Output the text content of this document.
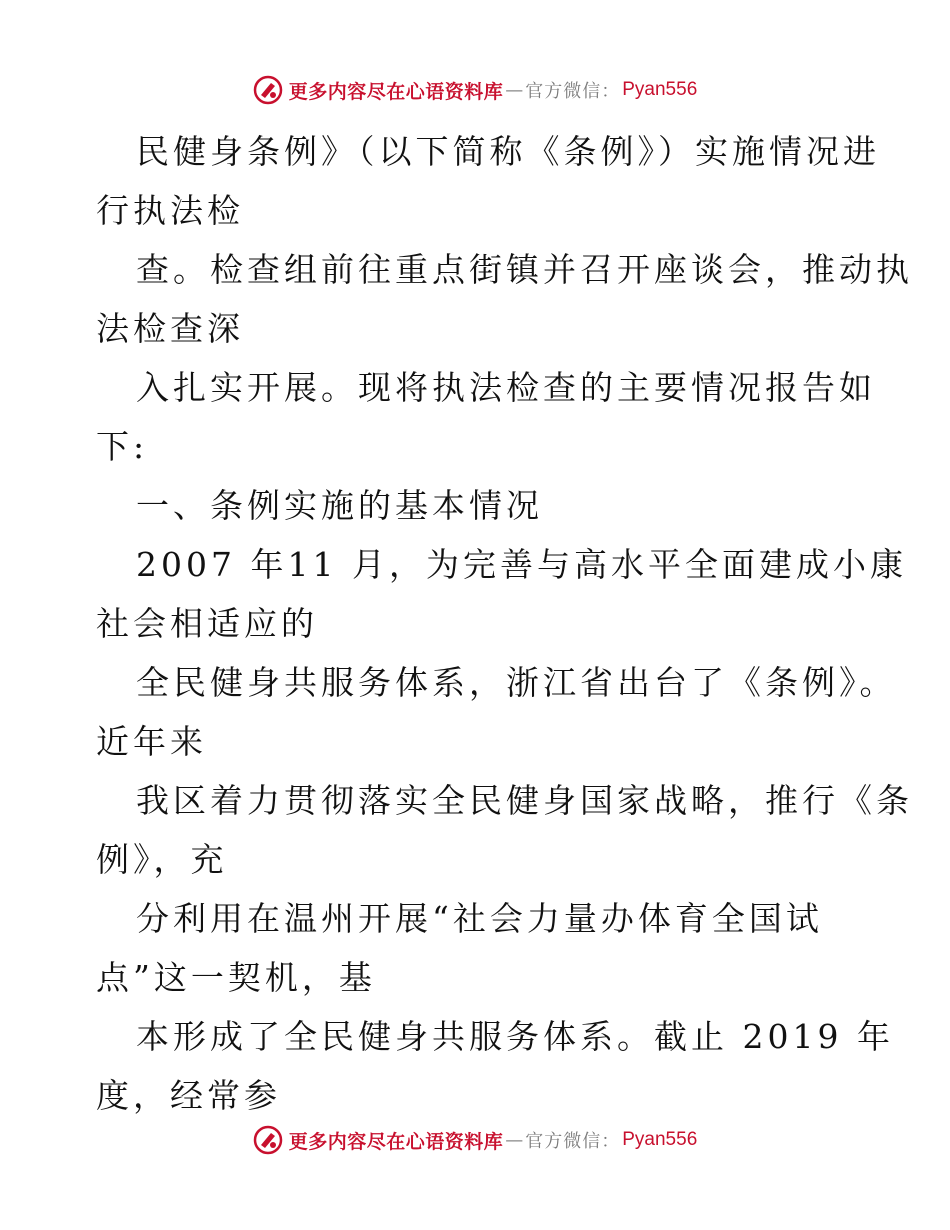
更多内容尽在心语资料库 — 官方微信： Pyan556
民健身条例》（以下简称《条例》）实施情况进
行执法检
查。检查组前往重点街镇并召开座谈会，推动执
法检查深
入扎实开展。现将执法检查的主要情况报告如
下:
一、条例实施的基本情况
2007 年11 月，为完善与高水平全面建成小康
社会相适应的
全民健身共服务体系，浙江省出台了《条例》。
近年来
我区着力贯彻落实全民健身国家战略，推行《条
例》，充
分利用在温州开展“社会力量办体育全国试
点”这一契机，基
本形成了全民健身共服务体系。截止 2019 年
度，经常参
更多内容尽在心语资料库 — 官方微信： Pyan556
